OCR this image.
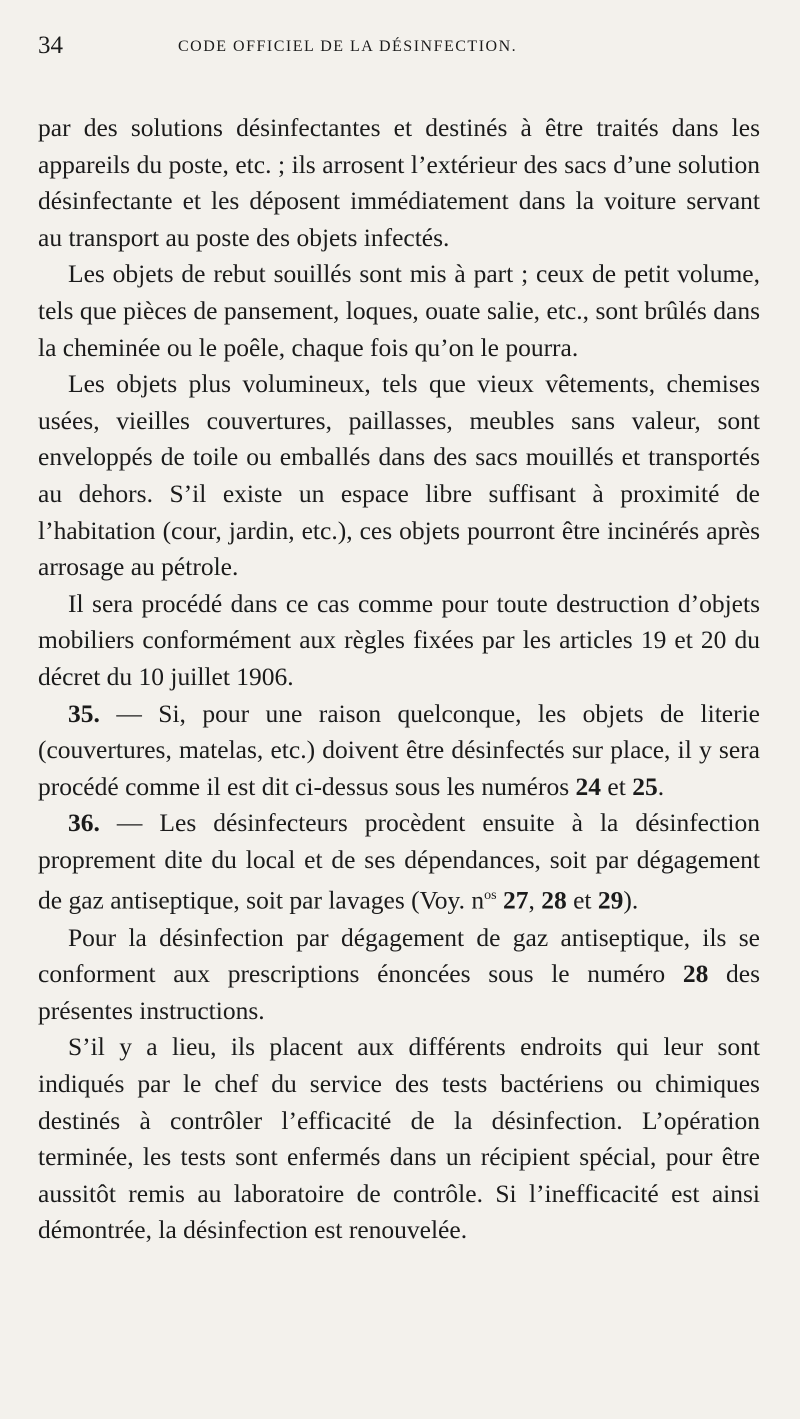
34	CODE OFFICIEL DE LA DÉSINFECTION.

par des solutions désinfectantes et destinés à être traités dans les appareils du poste, etc. ; ils arrosent l’extérieur des sacs d’une solution désinfectante et les déposent immédiatement dans la voiture servant au transport au poste des objets infectés.

Les objets de rebut souillés sont mis à part ; ceux de petit volume, tels que pièces de pansement, loques, ouate salie, etc., sont brûlés dans la cheminée ou le poêle, chaque fois qu’on le pourra.

Les objets plus volumineux, tels que vieux vêtements, chemises usées, vieilles couvertures, paillasses, meubles sans valeur, sont enveloppés de toile ou emballés dans des sacs mouillés et transportés au dehors. S’il existe un espace libre suffisant à proximité de l’habitation (cour, jardin, etc.), ces objets pourront être incinérés après arrosage au pétrole.

Il sera procédé dans ce cas comme pour toute destruction d’objets mobiliers conformément aux règles fixées par les articles 19 et 20 du décret du 10 juillet 1906.

35. — Si, pour une raison quelconque, les objets de literie (couvertures, matelas, etc.) doivent être désinfectés sur place, il y sera procédé comme il est dit ci-dessus sous les numéros 24 et 25.

36. — Les désinfecteurs procèdent ensuite à la désinfection proprement dite du local et de ses dépendances, soit par dégagement de gaz antiseptique, soit par lavages (Voy. $n^{os}$ 27, 28 et 29).

Pour la désinfection par dégagement de gaz antiseptique, ils se conforment aux prescriptions énoncées sous le numéro 28 des présentes instructions.

S’il y a lieu, ils placent aux différents endroits qui leur sont indiqués par le chef du service des tests bactériens ou chimiques destinés à contrôler l’efficacité de la désinfection. L’opération terminée, les tests sont enfermés dans un récipient spécial, pour être aussitôt remis au laboratoire de contrôle. Si l’inefficacité est ainsi démontrée, la désinfection est renouvelée.
